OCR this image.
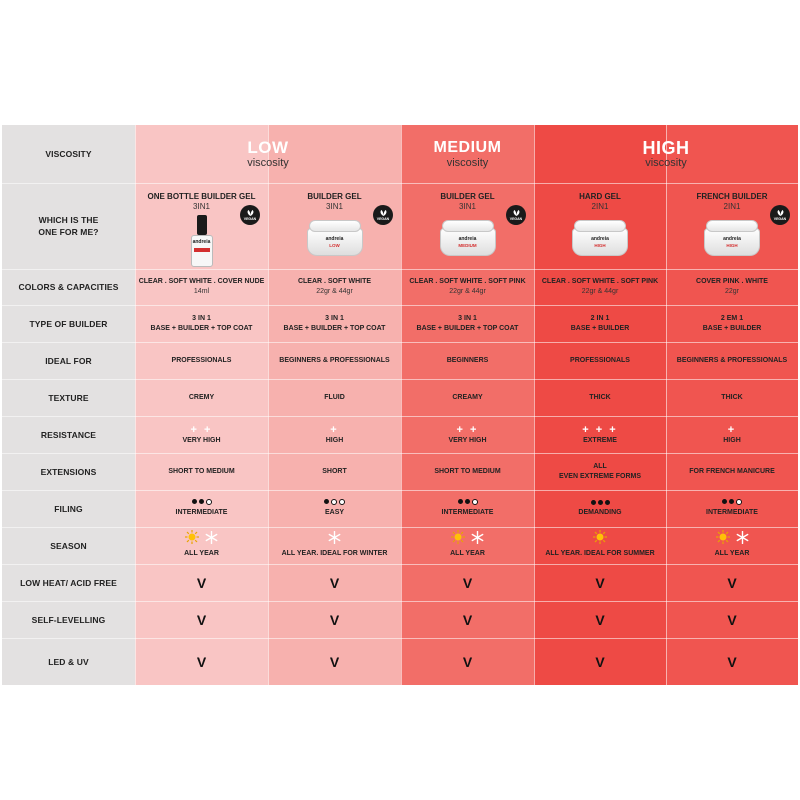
VISCOSITY
WHICH IS THE
ONE FOR ME?
COLORS & CAPACITIES
TYPE OF BUILDER
IDEAL FOR
TEXTURE
RESISTANCE
EXTENSIONS
FILING
SEASON
LOW HEAT/ ACID FREE
SELF-LEVELLING
LED & UV
LOW
viscosity
MEDIUM
viscosity
HIGH
viscosity
ONE BOTTLE BUILDER GEL
3IN1
andreia
VEGAN
CLEAR . SOFT WHITE . COVER NUDE
14ml
3 IN 1
BASE + BUILDER + TOP COAT
PROFESSIONALS
CREMY
+ +
VERY HIGH
SHORT TO MEDIUM
INTERMEDIATE
ALL YEAR
V
V
V
BUILDER GEL
3IN1
andreia
LOW
VEGAN
CLEAR . SOFT WHITE
22gr & 44gr
3 IN 1
BASE + BUILDER + TOP COAT
BEGINNERS & PROFESSIONALS
FLUID
+
HIGH
SHORT
EASY
ALL YEAR. IDEAL FOR WINTER
V
V
V
BUILDER GEL
3IN1
andreia
MEDIUM
VEGAN
CLEAR . SOFT WHITE . SOFT PINK
22gr & 44gr
3 IN 1
BASE + BUILDER + TOP COAT
BEGINNERS
CREAMY
+ +
VERY HIGH
SHORT TO MEDIUM
INTERMEDIATE
ALL YEAR
V
V
V
HARD GEL
2IN1
andreia
HIGH
CLEAR . SOFT WHITE . SOFT PINK
22gr & 44gr
2 IN 1
BASE + BUILDER
PROFESSIONALS
THICK
+ + +
EXTREME
ALL
EVEN EXTREME FORMS
DEMANDING
ALL YEAR. IDEAL FOR SUMMER
V
V
V
FRENCH BUILDER
2IN1
andreia
HIGH
VEGAN
COVER PINK . WHITE
22gr
2 EM 1
BASE + BUILDER
BEGINNERS & PROFESSIONALS
THICK
+
HIGH
FOR FRENCH MANICURE
INTERMEDIATE
ALL YEAR
V
V
V
